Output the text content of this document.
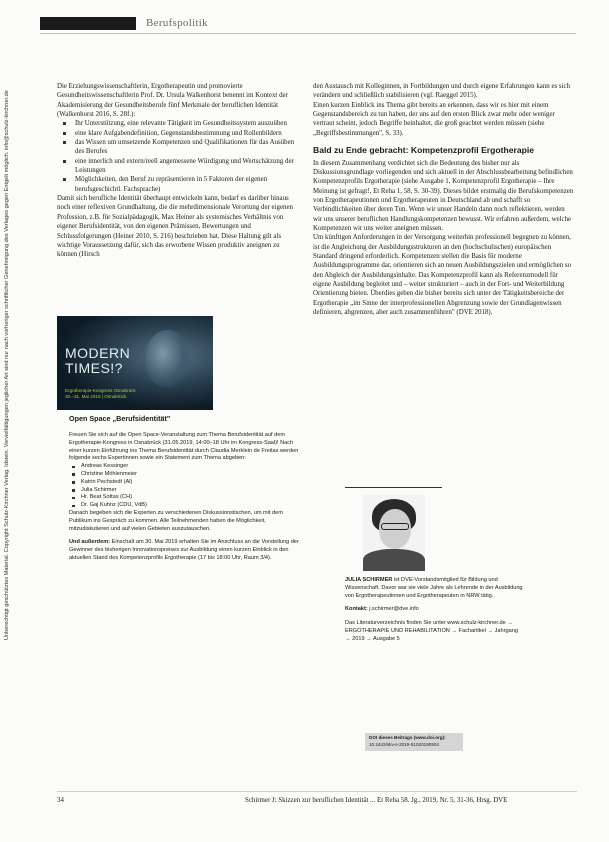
Berufspolitik
Unberechtigt geschütztes Material. Copyright Schulz-Kirchner Verlag. Idstein. Vervielfältigungen jeglicher Art sind nur nach vorheriger schriftlicher Genehmigung des Verlages gegen Entgelt möglich. info@schulz-kirchner.de

Die Erziehungswissenschaftlerin, Ergotherapeutin und promovierte Gesundheitswissenschaftlerin Prof. Dr. Ursula Walkenhorst benennt im Kontext der Akademisierung der Gesundheitsberufe fünf Merkmale der beruflichen Identität (Walkenhorst 2016, S. 28f.):

Ihr Unterstützung, eine relevante Tätigkeit im Gesundheitssystem auszuüben
eine klare Aufgabendefinition, Gegenstandsbestimmung und Rollenbildern
das Wissen um umsetzende Kompetenzen und Qualifikationen für das Ausüben des Berufes
eine innerlich und extern/reell angemessene Würdigung und Wertschätzung der Leistungen
Möglichkeiten, den Beruf zu repräsentieren in 5 Faktoren der eigenen berufsgeschichtl. Fachsprache)

Damit sich berufliche Identität überhaupt entwickeln kann, bedarf es darüber hinaus noch einer reflexiven Grundhaltung, die die mehrdimensionale Verortung der eigenen Profession, z.B. für Sozialpädagogik, Max Heiner als systemisches Verhältnis von eigener Berufsidentität, von den eigenen Prämissen, Bewertungen und Schlussfolgerungen (Heiner 2010, S. 216) beschrieben hat. Diese Haltung gilt als wichtige Voraussetzung dafür, sich das erworbene Wissen produktiv aneignen zu können (Hirsch

den Austausch mit Kolleginnen, in Fortbildungen und durch eigene Erfahrungen kann es sich verändern und schließlich stabilisieren (vgl. Raeggel 2015).

Einen kurzen Einblick ins Thema gibt bereits an erkennen, dass wir es hier mit einem Gegenstandsbereich zu tun haben, der uns auf den ersten Blick zwar mehr oder weniger vertraut scheint, jedoch Begriffe beinhaltet, die groß geachtet werden müssen (siehe „Begriffsbestimmungen", S. 33).

Bald zu Ende gebracht: Kompetenzprofil Ergotherapie

In diesem Zusammenhang verdichtet sich die Bedeutung des bisher nur als Diskussionsgrundlage vorliegenden und sich aktuell in der Abschlussbearbeitung befindlichen Kompetenzprofils Ergotherapie (siehe Ausgabe 1, Kompetenzprofil Ergotherapie – Ihre Meinung ist gefragt!, Et Reha 1, 58, S. 30-39). Dieses bildet erstmalig die Berufskompetenzen von Ergotherapeutinnen und Ergotherapeuten in Deutschland ab und schafft so Verbindlichkeiten über deren Tun. Wenn wir unser Handeln dann noch reflektieren, werden wir uns unserer beruflichen Handlungskompetenzen bewusst. Wir erfahren außerdem, welche Kompetenzen wir uns weiter aneignen müssen.

Um künftigen Anforderungen in der Versorgung weiterhin professionell begegnen zu können, ist die Angleichung der Ausbildungsstrukturen an den (hochschulischen) europäischen Standard dringend erforderlich. Kompetenzen stellen die Basis für moderne Ausbildungsprogramme dar, orientieren sich an neuen Ausbildungszielen und ermöglichen so den Abgleich der Ausbildungsinhalte. Das Kompetenzprofil kann als Referenzmodell für eigene Ausbildung begleitet und – weiter strukturiert – auch in der Fort- und Weiterbildung Orientierung bieten. Überdies geben die bisher bereits sich unter der Tätigkeitsbereiche der Ergotherapie „im Sinne der interprofessionellen Abgrenzung sowie der Grundlagenwissen definieren, abgrenzen, aber auch zusammenführen" (DVE 2018).

MODERN
TIMES!?
Ergotherapie-Kongress Osnabrück
30.–31. Mai 2019 | Osnabrück
Open Space „Berufsidentität"

Freuen Sie sich auf die Open Space-Veranstaltung zum Thema Berufsidentität auf dem Ergotherapie-Kongress in Osnabrück (31.05.2019, 14:00–18 Uhr im Kongress-Saal)! Nach einer kurzen Einführung ins Thema Berufsidentität durch Claudia Merklein de Freitas werden folgende sechs Expertinnen sowie ein Statement zum Thema abgeben:

Andreas Kessinger
Christine Möhlenmeier
Katrin Pechstedt (Al)
Julia Schirmer
Hr. Beat Sottas (CH)
Dr. Gaj Kuhnz (CDU, VdB)

Danach begeben sich die Experten zu verschiedenen Diskussionstischen, um mit dem Publikum ins Gespräch zu kommen. Alle Teilnehmenden haben die Möglichkeit, mitzudiskutieren und auf vielen Gebieten auszutauschen.

Und außerdem: Einschalt am 30. Mai 2019 erhalten Sie im Anschluss an die Vorstellung der Gewinner des bisherigen Innovationspreises zur Ausbildung einen kurzen Einblick in den aktuellen Stand des Kompetenzprofils Ergotherapie (17 bis 18:00 Uhr, Raum 3/4).

JULIA SCHIRMER ist DVE-Vorstandsmitglied für Bildung und Wissenschaft. Davor war sie viele Jahre als Lehrende in der Ausbildung von Ergotherapeutinnen und Ergotherapeuten in NRW tätig.

Kontakt: j.schirmer@dve.info

Das Literaturverzeichnis finden Sie unter www.schulz-kirchner.de → ERGOTHERAPIE UND REHABILITATION → Fachartikel → Jahrgang → 2019 → Ausgabe 5

DOI dieses Beitrags (www.doi.org):
10.2443/skv-s-2019-51020190504
34	Schirmer J: Skizzen zur beruflichen Identität ... Et Reha 58. Jg., 2019, Nr. 5, 31-36, Hrsg. DVE
